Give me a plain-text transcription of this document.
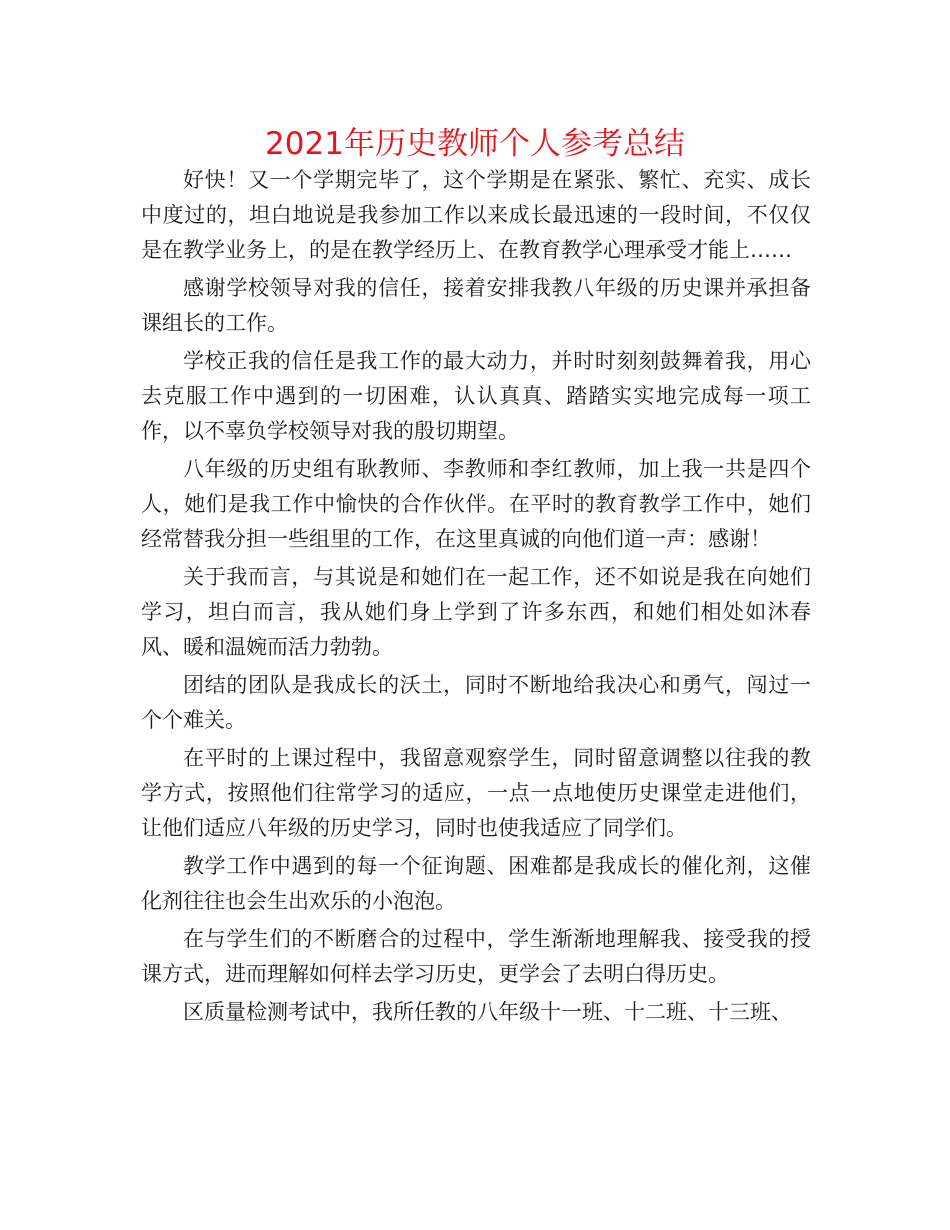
2021年历史教师个人参考总结

好快！又一个学期完毕了，这个学期是在紧张、繁忙、充实、成长中度过的，坦白地说是我参加工作以来成长最迅速的一段时间，不仅仅是在教学业务上，的是在教学经历上、在教育教学心理承受才能上……

感谢学校领导对我的信任，接着安排我教八年级的历史课并承担备课组长的工作。

学校正我的信任是我工作的最大动力，并时时刻刻鼓舞着我，用心去克服工作中遇到的一切困难，认认真真、踏踏实实地完成每一项工作，以不辜负学校领导对我的殷切期望。

八年级的历史组有耿教师、李教师和李红教师，加上我一共是四个人，她们是我工作中愉快的合作伙伴。在平时的教育教学工作中，她们经常替我分担一些组里的工作，在这里真诚的向他们道一声：感谢！

关于我而言，与其说是和她们在一起工作，还不如说是我在向她们学习，坦白而言，我从她们身上学到了许多东西，和她们相处如沐春风、暖和温婉而活力勃勃。

团结的团队是我成长的沃土，同时不断地给我决心和勇气，闯过一个个难关。

在平时的上课过程中，我留意观察学生，同时留意调整以往我的教学方式，按照他们往常学习的适应，一点一点地使历史课堂走进他们，让他们适应八年级的历史学习，同时也使我适应了同学们。

教学工作中遇到的每一个征询题、困难都是我成长的催化剂，这催化剂往往也会生出欢乐的小泡泡。

在与学生们的不断磨合的过程中，学生渐渐地理解我、接受我的授课方式，进而理解如何样去学习历史，更学会了去明白得历史。

区质量检测考试中，我所任教的八年级十一班、十二班、十三班、
